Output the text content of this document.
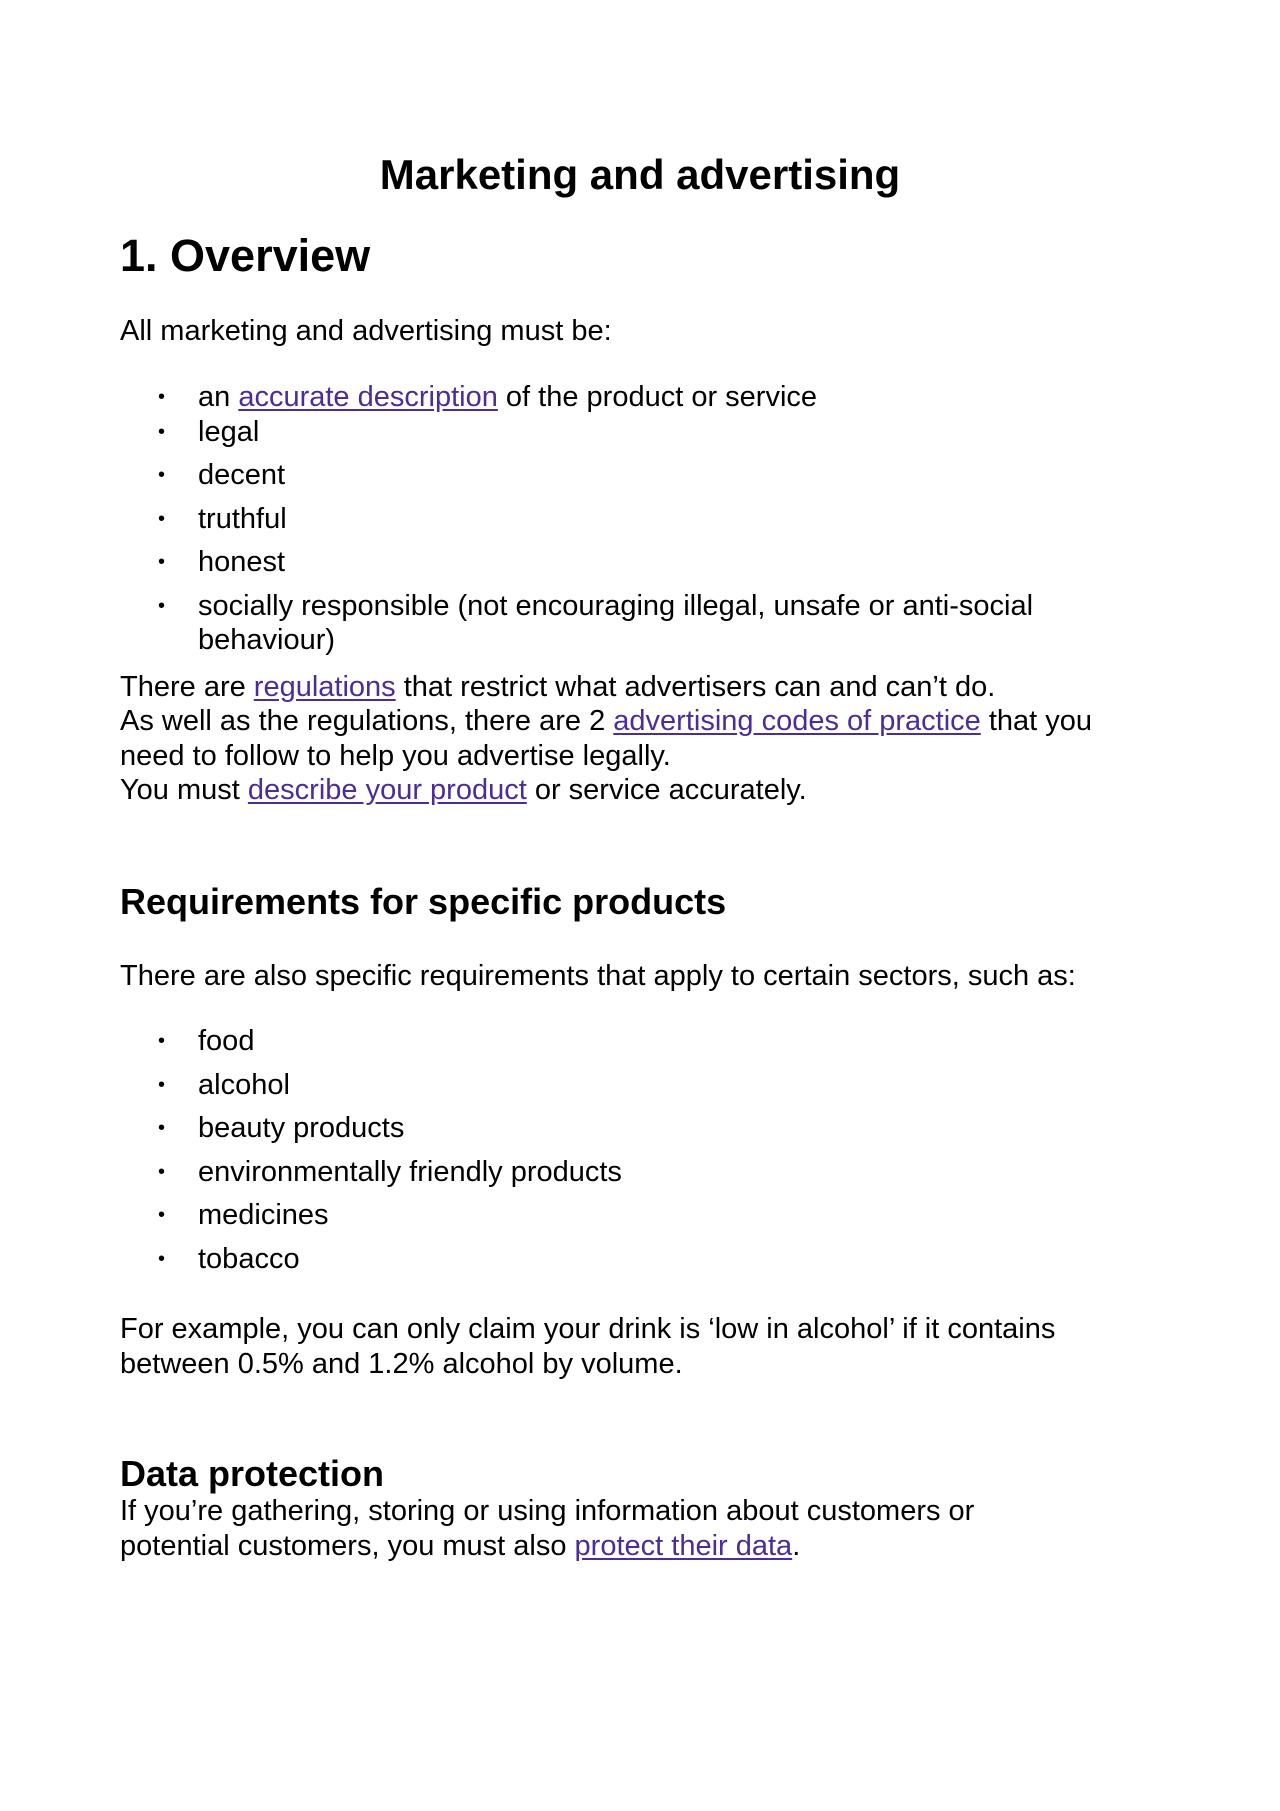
Marketing and advertising
1. Overview

All marketing and advertising must be:

• an accurate description of the product or service
• legal
• decent
• truthful
• honest
• socially responsible (not encouraging illegal, unsafe or anti-social behaviour)

There are regulations that restrict what advertisers can and can’t do.

As well as the regulations, there are 2 advertising codes of practice that you need to follow to help you advertise legally.

You must describe your product or service accurately.

Requirements for specific products

There are also specific requirements that apply to certain sectors, such as:

• food
• alcohol
• beauty products
• environmentally friendly products
• medicines
• tobacco

For example, you can only claim your drink is ‘low in alcohol’ if it contains between 0.5% and 1.2% alcohol by volume.

Data protection

If you’re gathering, storing or using information about customers or potential customers, you must also protect their data.
